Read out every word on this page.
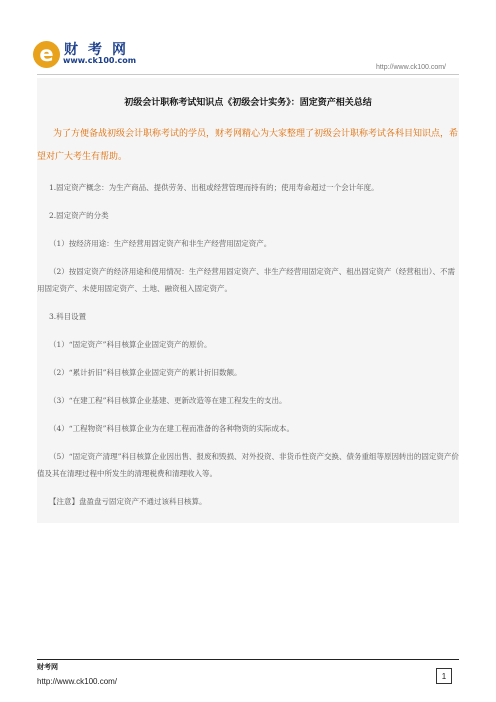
e 财考网
www.ck100.com
http://www.ck100.com/
初级会计职称考试知识点《初级会计实务》：固定资产相关总结
为了方便备战初级会计职称考试的学员，财考网精心为大家整理了初级会计职称考试各科目知识点，希望对广大考生有帮助。
1.固定资产概念：为生产商品、提供劳务、出租或经营管理而持有的；使用寿命超过一个会计年度。
2.固定资产的分类
（1）按经济用途：生产经营用固定资产和非生产经营用固定资产。
（2）按固定资产的经济用途和使用情况：生产经营用固定资产、非生产经营用固定资产、租出固定资产（经营租出）、不需用固定资产、未使用固定资产、土地、融资租入固定资产。
3.科目设置
（1）“固定资产”科目核算企业固定资产的原价。
（2）“累计折旧”科目核算企业固定资产的累计折旧数额。
（3）“在建工程”科目核算企业基建、更新改造等在建工程发生的支出。
（4）“工程物资”科目核算企业为在建工程而准备的各种物资的实际成本。
（5）“固定资产清理”科目核算企业因出售、报废和毁损、对外投资、非货币性资产交换、债务重组等原因转出的固定资产价值及其在清理过程中所发生的清理税费和清理收入等。
【注意】盘盈盘亏固定资产不通过该科目核算。
财考网
http://www.ck100.com/
1
